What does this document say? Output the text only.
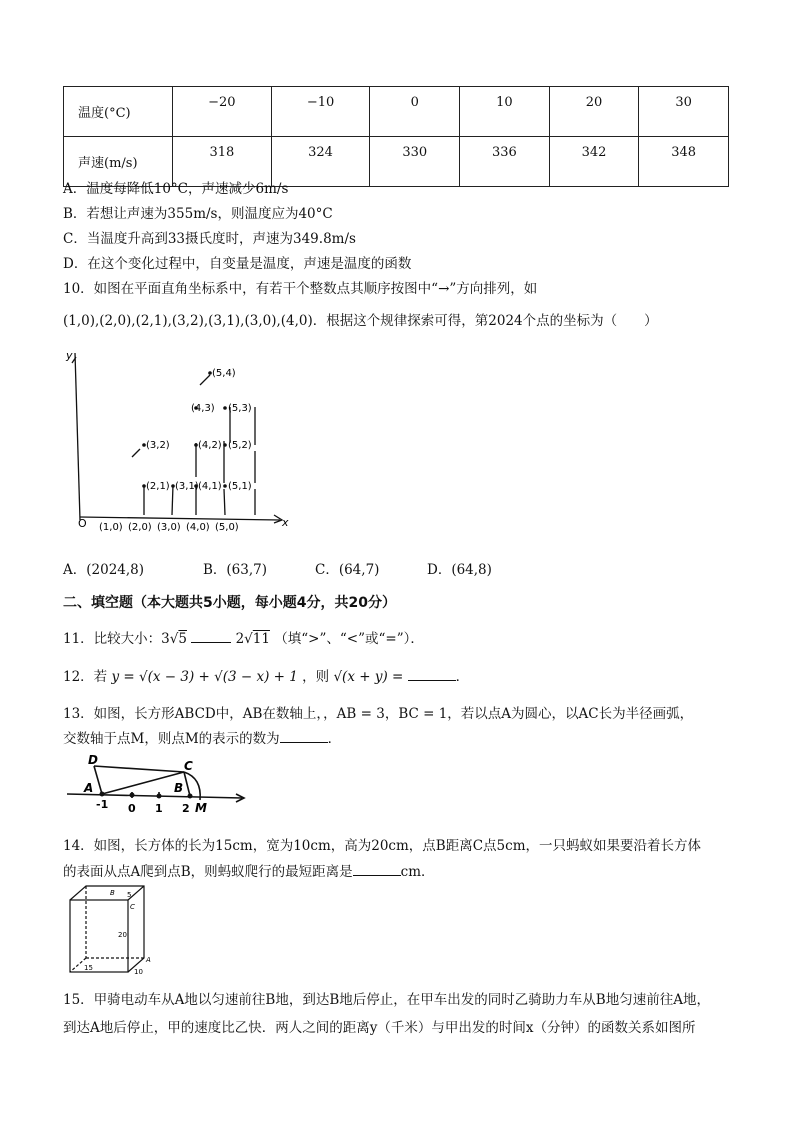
温度(°C)	−20	−10	0	10	20	30
声速(m/s)	318	324	330	336	342	348
A．温度每降低10°C，声速减少6m/s
B．若想让声速为355m/s，则温度应为40°C
C．当温度升高到33摄氏度时，声速为349.8m/s
D．在这个变化过程中，自变量是温度，声速是温度的函数
10．如图在平面直角坐标系中，有若干个整数点其顺序按图中“→”方向排列，如
(1,0),(2,0),(2,1),(3,2),(3,1),(3,0),(4,0)．根据这个规律探索可得，第2024个点的坐标为（　　）
y
x
O (1,0) (2,0) (3,0) (4,0) (5,0)
(2,1) (3,1) (4,1) (5,1)
(3,2)	(4,2) (5,2)
(4,3) (5,3)
(5,4)
A．(2024,8)	B．(63,7)	C．(64,7)	D．(64,8)
二、填空题（本大题共5小题，每小题4分，共20分）
11．比较大小：3√5	2√11 （填“>”、“<”或“=”）．
12．若 y = √(x − 3) + √(3 − x) + 1 ，则 √(x + y) =	．
13．如图，长方形ABCD中，AB在数轴上，，AB = 3，BC = 1，若以点A为圆心，以AC长为半径画弧，
交数轴于点M，则点M的表示的数为	．
D
A
C
B
M
-1 0 1 2
14．如图，长方体的长为15cm，宽为10cm，高为20cm，点B距离C点5cm，一只蚂蚁如果要沿着长方体
的表面从点A爬到点B，则蚂蚁爬行的最短距离是	cm．
B 5
C
20
15
A
10
15．甲骑电动车从A地以匀速前往B地，到达B地后停止，在甲车出发的同时乙骑助力车从B地匀速前往A地，
到达A地后停止，甲的速度比乙快．两人之间的距离y（千米）与甲出发的时间x（分钟）的函数关系如图所
